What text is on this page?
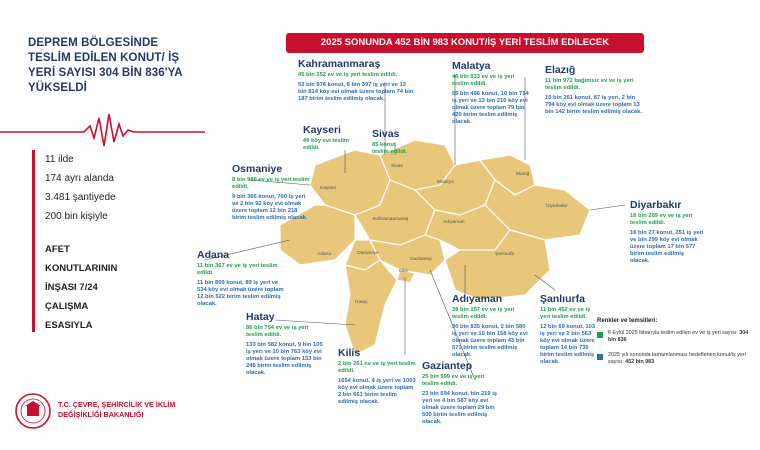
DEPREM BÖLGESİNDE TESLİM EDİLEN KONUT/ İŞ YERİ SAYISI 304 BİN 836'YA YÜKSELDİ
11 ilde
174 ayrı alanda
3.481 şantiyede
200 bin kişiyle
AFET
KONUTLARININ
İNŞASI 7/24
ÇALIŞMA
ESASIYLA
T.C. ÇEVRE, ŞEHİRCİLİK VE İKLİM DEĞİŞİKLİĞİ BAKANLIĞI
2025 SONUNDA 452 BİN 983 KONUT/İŞ YERİ TESLİM EDİLECEK
Kayseri
Sivas
Malatya
Elazığ
Kahramanmaraş
Diyarbakır
Adana	Osmaniye
Adıyaman
Gaziantep
Kilis
Şanlıurfa
Hatay
Kahramanmaraş
45 bin 352 ev ve iş yeri teslim edildi.
53 bin 976 konut, 6 bin 397 iş yeri ve 13 bin 814 köy evi olmak üzere toplam 74 bin 187 birim teslim edilmiş olacak.
Malatya
46 bin 533 ev ve iş yeri teslim edildi.
55 bin 496 konut, 10 bin 714 iş yeri ve 13 bin 210 köy evi olmak üzere toplam 79 bin 420 birim teslim edilmiş olacak.
Elazığ
11 bin 972 bağımsız ev ve iş yeri teslim edildi.
10 bin 261 konut, 87 iş yeri, 2 bin 794 köy evi olmak üzere toplam 13 bin 142 birim teslim edilmiş olacak.
Kayseri
49 köy evi teslim edildi.
Sivas
85 konut teslim edildi.
Osmaniye
8 bin 986 ev ve iş yeri teslim edildi.
9 bin 366 konut, 760 iş yeri ve 2 bin 92 köy evi olmak üzere toplam 12 bin 218 birim teslim edilmiş olacak.
Diyarbakır
16 bin 269 ev ve iş yeri teslim edildi.
16 bin 27 konut, 251 iş yeri ve bin 299 köy evi olmak üzere toplam 17 bin 577 birim teslim edilmiş olacak.
Adana
11 bin 367 ev ve iş yeri teslim edildi.
11 bin 899 konut, 89 iş yeri ve 534 köy evi olmak üzere toplam 12 bin 522 birim teslim edilmiş olacak.
Hatay
86 bin 754 ev ve iş yeri teslim edildi.
133 bin 582 konut, 9 bin 105 iş yeri ve 10 bin 763 köy evi olmak üzere toplam 153 bin 248 birim teslim edilmiş olacak.
Adıyaman
38 bin 157 ev ve iş yeri teslim edildi.
30 bin 835 konut, 2 bin 580 iş yeri ve 10 bin 158 köy evi olmak üzere toplam 43 bin 573 birim teslim edilmiş olacak.
Şanlıurfa
11 bin 452 ev ve iş yeri teslim edildi.
12 bin 69 konut, 103 iş yeri ve 2 bin 563 köy evi olmak üzere toplam 14 bin 735 birim teslim edilmiş olacak.
Kilis
2 bin 261 ev ve iş yeri teslim edildi.
1654 konut, 4 iş yeri ve 1003 köy evi olmak üzere toplam 2 bin 661 birim teslim edilmiş olacak.
Gaziantep
25 bin 599 ev ve iş yeri teslim edildi.
23 bin 694 konut, bin 219 iş yeri ve 4 bin 587 köy evi olmak üzere toplam 29 bin 500 birim teslim edilmiş olacak.
Renkler ve temsilleri:
6 Eylül 2025 itibarıyla teslim edilen ev ve iş yeri sayısı: 304 bin 836
2025 yılı sonunda tamamlanması hedeflenen konut/iş yeri sayısı: 452 bin 983
